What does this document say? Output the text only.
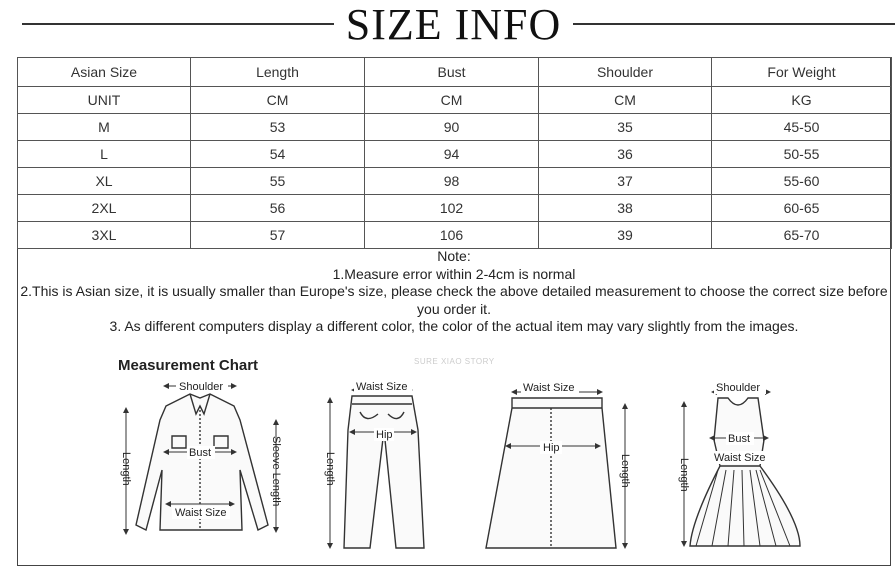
SIZE INFO
Asian Size	Length	Bust	Shoulder	For Weight
UNIT	CM	CM	CM	KG
M	53	90	35	45-50
L	54	94	36	50-55
XL	55	98	37	55-60
2XL	56	102	38	60-65
3XL	57	106	39	65-70
Note:
1.Measure error within 2-4cm is normal
2.This is Asian size, it is usually smaller than Europe's size, please check the above detailed measurement to choose the correct size before you order it.
3. As different computers display a different color, the color of the actual item may vary slightly from the images.
Measurement Chart	SURE XIAO STORY
Shoulder
Bust
Waist Size
Length	Sleeve Length
Waist Size
Hip
Length
Waist Size
Hip
Length
Shoulder
Bust
Waist Size
Length
